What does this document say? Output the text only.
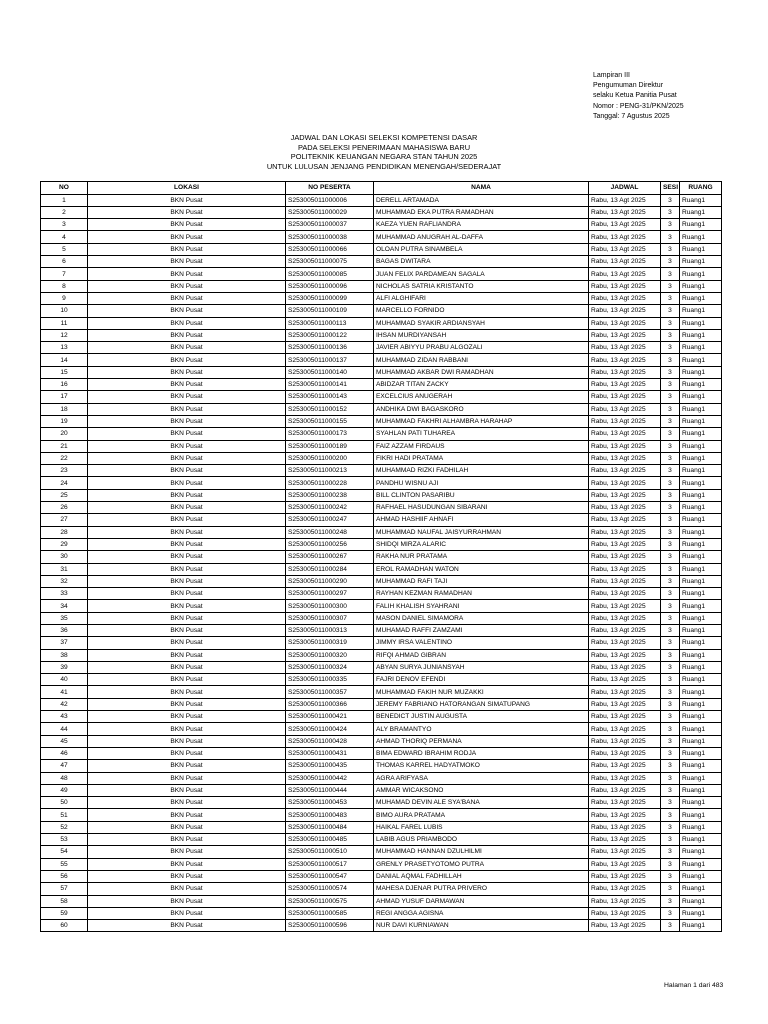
Lampiran III
Pengumuman Direktur
selaku Ketua Panitia Pusat
Nomor : PENG-31/PKN/2025
Tanggal: 7 Agustus 2025
JADWAL DAN LOKASI SELEKSI KOMPETENSI DASAR
PADA SELEKSI PENERIMAAN MAHASISWA BARU
POLITEKNIK KEUANGAN NEGARA STAN TAHUN 2025
UNTUK LULUSAN JENJANG PENDIDIKAN MENENGAH/SEDERAJAT
NO	LOKASI	NO PESERTA	NAMA	JADWAL	SESI	RUANG
1	BKN Pusat	S253005011000006	DERELL ARTAMADA	Rabu, 13 Agt 2025	3	Ruang1
2	BKN Pusat	S253005011000029	MUHAMMAD EKA PUTRA RAMADHAN	Rabu, 13 Agt 2025	3	Ruang1
3	BKN Pusat	S253005011000037	KAEZA YUEN RAFLIANDRA	Rabu, 13 Agt 2025	3	Ruang1
4	BKN Pusat	S253005011000038	MUHAMMAD ANUGRAH AL-DAFFA	Rabu, 13 Agt 2025	3	Ruang1
5	BKN Pusat	S253005011000066	OLOAN PUTRA SINAMBELA	Rabu, 13 Agt 2025	3	Ruang1
6	BKN Pusat	S253005011000075	BAGAS DWITARA	Rabu, 13 Agt 2025	3	Ruang1
7	BKN Pusat	S253005011000085	JUAN FELIX PARDAMEAN SAGALA	Rabu, 13 Agt 2025	3	Ruang1
8	BKN Pusat	S253005011000096	NICHOLAS SATRIA KRISTANTO	Rabu, 13 Agt 2025	3	Ruang1
9	BKN Pusat	S253005011000099	ALFI ALGHIFARI	Rabu, 13 Agt 2025	3	Ruang1
10	BKN Pusat	S253005011000109	MARCELLO FORNIDO	Rabu, 13 Agt 2025	3	Ruang1
11	BKN Pusat	S253005011000113	MUHAMMAD SYAKIR ARDIANSYAH	Rabu, 13 Agt 2025	3	Ruang1
12	BKN Pusat	S253005011000122	IHSAN MURDIYANSAH	Rabu, 13 Agt 2025	3	Ruang1
13	BKN Pusat	S253005011000136	JAVIER ABIYYU PRABU ALGOZALI	Rabu, 13 Agt 2025	3	Ruang1
14	BKN Pusat	S253005011000137	MUHAMMAD ZIDAN RABBANI	Rabu, 13 Agt 2025	3	Ruang1
15	BKN Pusat	S253005011000140	MUHAMMAD AKBAR DWI RAMADHAN	Rabu, 13 Agt 2025	3	Ruang1
16	BKN Pusat	S253005011000141	ABIDZAR TITAN ZACKY	Rabu, 13 Agt 2025	3	Ruang1
17	BKN Pusat	S253005011000143	EXCELCIUS ANUGERAH	Rabu, 13 Agt 2025	3	Ruang1
18	BKN Pusat	S253005011000152	ANDHIKA DWI BAGASKORO	Rabu, 13 Agt 2025	3	Ruang1
19	BKN Pusat	S253005011000155	MUHAMMAD FAKHRI ALHAMBRA HARAHAP	Rabu, 13 Agt 2025	3	Ruang1
20	BKN Pusat	S253005011000173	SYAHLAN PATI TUHAREA	Rabu, 13 Agt 2025	3	Ruang1
21	BKN Pusat	S253005011000189	FAIZ AZZAM FIRDAUS	Rabu, 13 Agt 2025	3	Ruang1
22	BKN Pusat	S253005011000200	FIKRI HADI PRATAMA	Rabu, 13 Agt 2025	3	Ruang1
23	BKN Pusat	S253005011000213	MUHAMMAD RIZKI FADHILAH	Rabu, 13 Agt 2025	3	Ruang1
24	BKN Pusat	S253005011000228	PANDHU WISNU AJI	Rabu, 13 Agt 2025	3	Ruang1
25	BKN Pusat	S253005011000238	BILL CLINTON PASARIBU	Rabu, 13 Agt 2025	3	Ruang1
26	BKN Pusat	S253005011000242	RAFHAEL HASUDUNGAN SIBARANI	Rabu, 13 Agt 2025	3	Ruang1
27	BKN Pusat	S253005011000247	AHMAD HASHIIF AHNAFI	Rabu, 13 Agt 2025	3	Ruang1
28	BKN Pusat	S253005011000248	MUHAMMAD NAUFAL JAISYURRAHMAN	Rabu, 13 Agt 2025	3	Ruang1
29	BKN Pusat	S253005011000256	SHIDQI MIRZA ALARIC	Rabu, 13 Agt 2025	3	Ruang1
30	BKN Pusat	S253005011000267	RAKHA NUR PRATAMA	Rabu, 13 Agt 2025	3	Ruang1
31	BKN Pusat	S253005011000284	EROL RAMADHAN WATON	Rabu, 13 Agt 2025	3	Ruang1
32	BKN Pusat	S253005011000290	MUHAMMAD RAFI TAJI	Rabu, 13 Agt 2025	3	Ruang1
33	BKN Pusat	S253005011000297	RAYHAN KEZMAN RAMADHAN	Rabu, 13 Agt 2025	3	Ruang1
34	BKN Pusat	S253005011000300	FALIH KHALISH SYAHRANI	Rabu, 13 Agt 2025	3	Ruang1
35	BKN Pusat	S253005011000307	MASON DANIEL SIMAMORA	Rabu, 13 Agt 2025	3	Ruang1
36	BKN Pusat	S253005011000313	MUHAMAD RAFFI ZAMZAMI	Rabu, 13 Agt 2025	3	Ruang1
37	BKN Pusat	S253005011000319	JIMMY IRSA VALENTINO	Rabu, 13 Agt 2025	3	Ruang1
38	BKN Pusat	S253005011000320	RIFQI AHMAD GIBRAN	Rabu, 13 Agt 2025	3	Ruang1
39	BKN Pusat	S253005011000324	ABYAN SURYA JUNIANSYAH	Rabu, 13 Agt 2025	3	Ruang1
40	BKN Pusat	S253005011000335	FAJRI DENOV EFENDI	Rabu, 13 Agt 2025	3	Ruang1
41	BKN Pusat	S253005011000357	MUHAMMAD FAKIH NUR MUZAKKI	Rabu, 13 Agt 2025	3	Ruang1
42	BKN Pusat	S253005011000366	JEREMY FABRIANO HATORANGAN SIMATUPANG	Rabu, 13 Agt 2025	3	Ruang1
43	BKN Pusat	S253005011000421	BENEDICT JUSTIN AUGUSTA	Rabu, 13 Agt 2025	3	Ruang1
44	BKN Pusat	S253005011000424	ALY BRAMANTYO	Rabu, 13 Agt 2025	3	Ruang1
45	BKN Pusat	S253005011000428	AHMAD THORIQ PERMANA	Rabu, 13 Agt 2025	3	Ruang1
46	BKN Pusat	S253005011000431	BIMA EDWARD IBRAHIM RODJA	Rabu, 13 Agt 2025	3	Ruang1
47	BKN Pusat	S253005011000435	THOMAS KARREL HADYATMOKO	Rabu, 13 Agt 2025	3	Ruang1
48	BKN Pusat	S253005011000442	AGRA ARIFYASA	Rabu, 13 Agt 2025	3	Ruang1
49	BKN Pusat	S253005011000444	AMMAR WICAKSONO	Rabu, 13 Agt 2025	3	Ruang1
50	BKN Pusat	S253005011000453	MUHAMAD DEVIN ALE SYA'BANA	Rabu, 13 Agt 2025	3	Ruang1
51	BKN Pusat	S253005011000483	BIMO AURA PRATAMA	Rabu, 13 Agt 2025	3	Ruang1
52	BKN Pusat	S253005011000484	HAIKAL FAREL LUBIS	Rabu, 13 Agt 2025	3	Ruang1
53	BKN Pusat	S253005011000485	LABIB AGUS PRIAMBODO	Rabu, 13 Agt 2025	3	Ruang1
54	BKN Pusat	S253005011000510	MUHAMMAD HANNAN DZULHILMI	Rabu, 13 Agt 2025	3	Ruang1
55	BKN Pusat	S253005011000517	GRENLY PRASETYOTOMO PUTRA	Rabu, 13 Agt 2025	3	Ruang1
56	BKN Pusat	S253005011000547	DANIAL AQMAL FADHILLAH	Rabu, 13 Agt 2025	3	Ruang1
57	BKN Pusat	S253005011000574	MAHESA DJENAR PUTRA PRIVERO	Rabu, 13 Agt 2025	3	Ruang1
58	BKN Pusat	S253005011000575	AHMAD YUSUF DARMAWAN	Rabu, 13 Agt 2025	3	Ruang1
59	BKN Pusat	S253005011000585	REGI ANGGA AGISNA	Rabu, 13 Agt 2025	3	Ruang1
60	BKN Pusat	S253005011000596	NUR DAVI KURNIAWAN	Rabu, 13 Agt 2025	3	Ruang1
Halaman 1 dari 483
